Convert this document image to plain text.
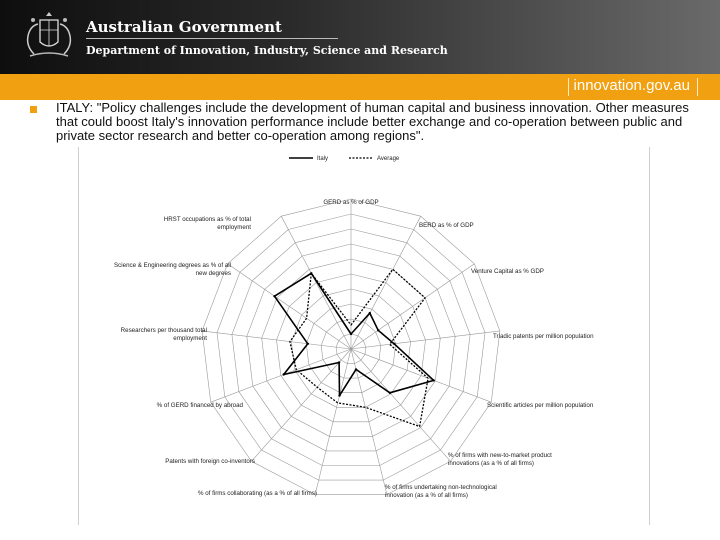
Australian Government
Department of Innovation, Industry, Science and Research
innovation.gov.au
ITALY: "Policy challenges include the development of human capital and business innovation. Other measures that could boost Italy's innovation performance include better exchange and co-operation between public and private sector research and better co-operation among regions".
GERD as % of GDP
BERD as % of GDP
Venture Capital as % GDP
Triadic patents per million population
Scientific articles per million population
% of firms with new-to-market product innovations (as a % of all firms)
% of firms undertaking non-technological innovation (as a % of all firms)
% of firms collaborating (as a % of all firms)
Patents with foreign co-inventors
% of GERD financed by abroad
Researchers per thousand total employment
Science & Engineering degrees as % of all new degrees
HRST occupations as % of total employment
Italy	Average
